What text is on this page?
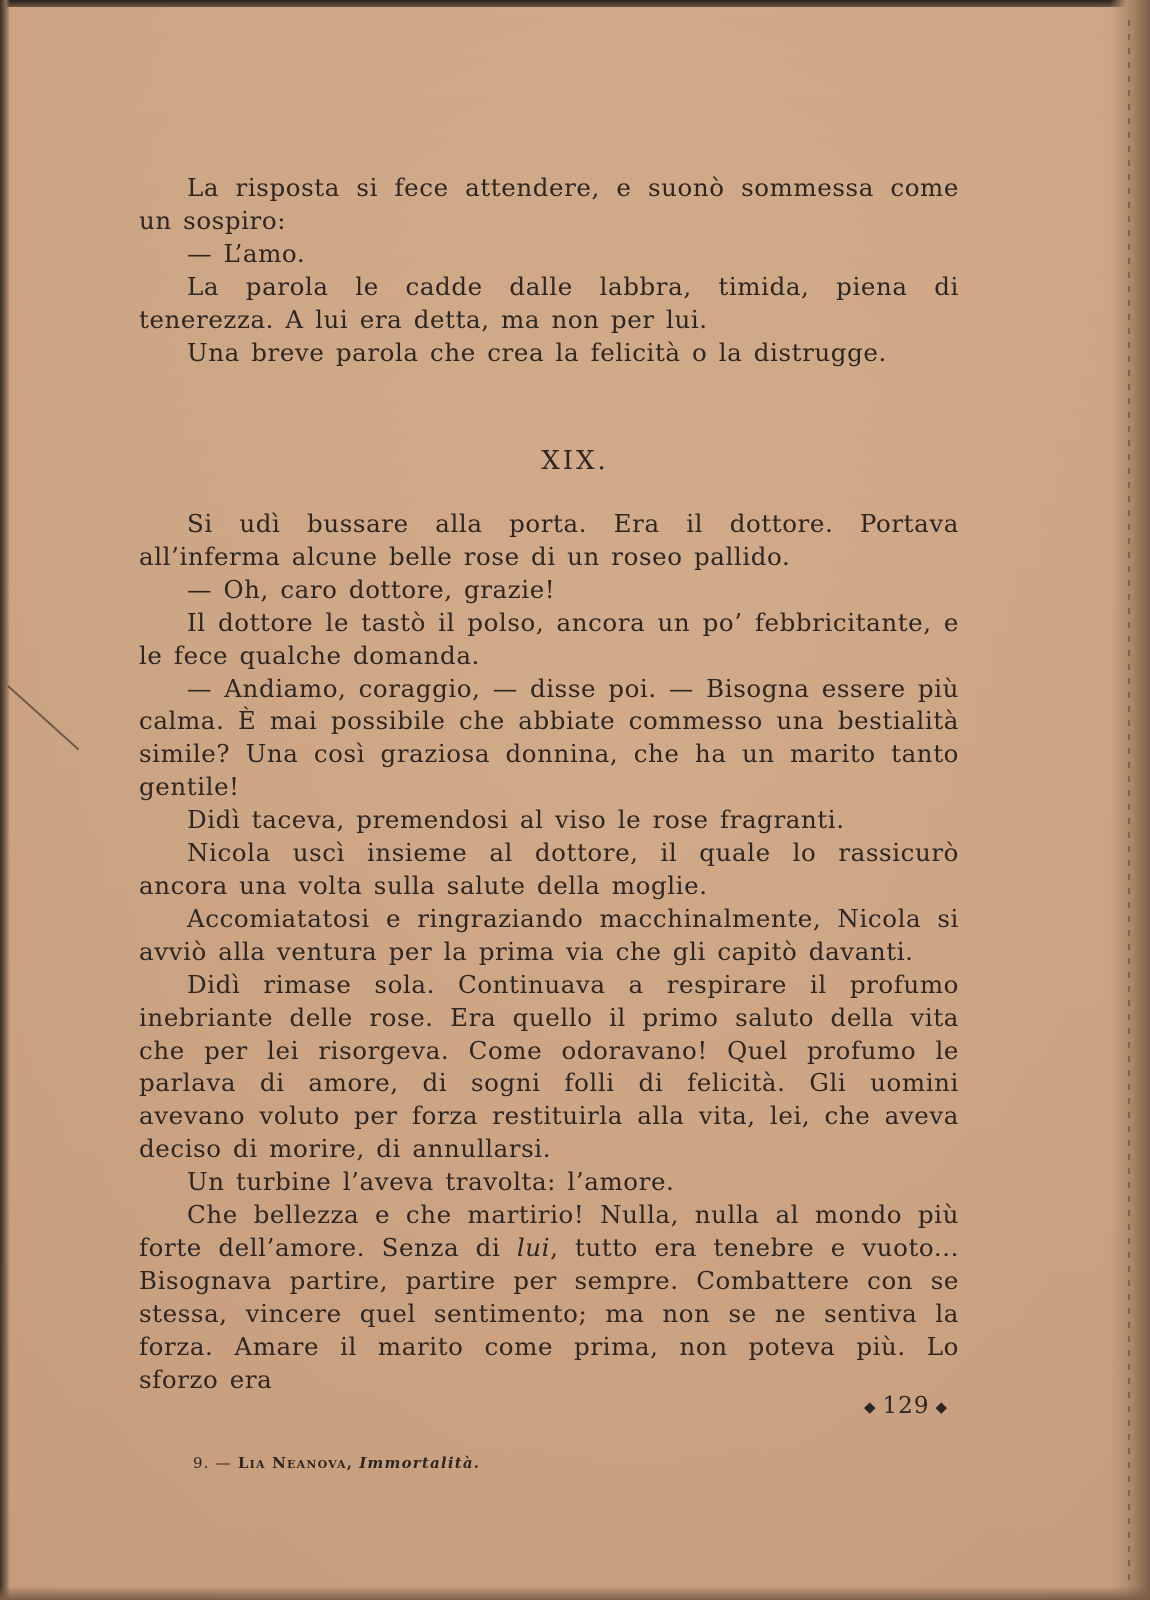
La risposta si fece attendere, e suonò sommessa come un sospiro:

— L’amo.

La parola le cadde dalle labbra, timida, piena di tenerezza. A lui era detta, ma non per lui.

Una breve parola che crea la felicità o la distrugge.

XIX.

Si udì bussare alla porta. Era il dottore. Portava all’inferma alcune belle rose di un roseo pallido.

— Oh, caro dottore, grazie!

Il dottore le tastò il polso, ancora un po’ febbricitante, e le fece qualche domanda.

— Andiamo, coraggio, — disse poi. — Bisogna essere più calma. È mai possibile che abbiate commesso una bestialità simile? Una così graziosa donnina, che ha un marito tanto gentile!

Didì taceva, premendosi al viso le rose fragranti.

Nicola uscì insieme al dottore, il quale lo rassicurò ancora una volta sulla salute della moglie.

Accomiatatosi e ringraziando macchinalmente, Nicola si avviò alla ventura per la prima via che gli capitò davanti.

Didì rimase sola. Continuava a respirare il profumo inebriante delle rose. Era quello il primo saluto della vita che per lei risorgeva. Come odoravano! Quel profumo le parlava di amore, di sogni folli di felicità. Gli uomini avevano voluto per forza restituirla alla vita, lei, che aveva deciso di morire, di annullarsi.

Un turbine l’aveva travolta: l’amore.

Che bellezza e che martirio! Nulla, nulla al mondo più forte dell’amore. Senza di lui, tutto era tenebre e vuoto... Bisognava partire, partire per sempre. Combattere con se stessa, vincere quel sentimento; ma non se ne sentiva la forza. Amare il marito come prima, non poteva più. Lo sforzo era

◆ 129 ◆
9. — Lia Neanova, Immortalità.
